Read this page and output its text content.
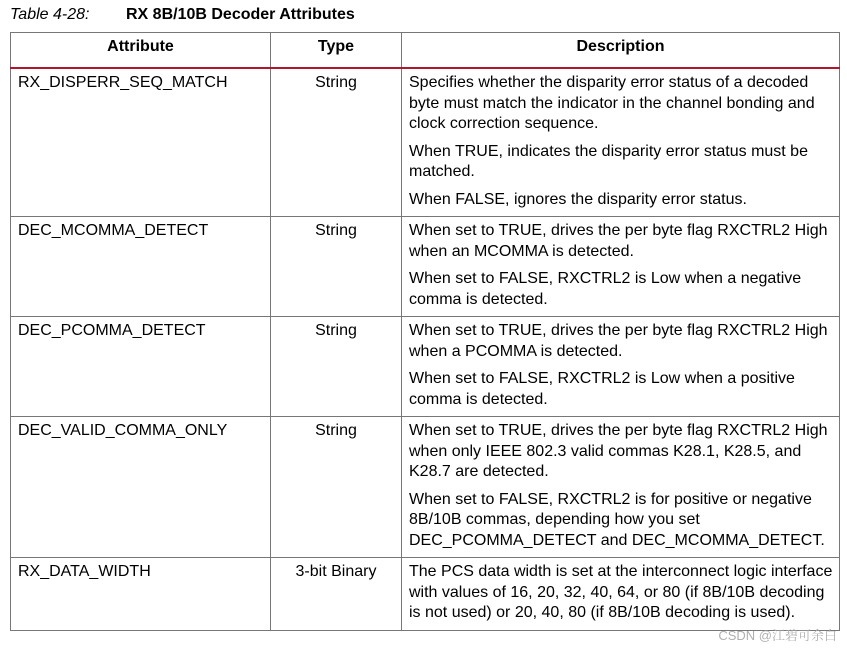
Table 4-28: RX 8B/10B Decoder Attributes
Attribute	Type	Description
RX_DISPERR_SEQ_MATCH	String	Specifies whether the disparity error status of a decoded byte must match the indicator in the channel bonding and clock correction sequence.
When TRUE, indicates the disparity error status must be matched.
When FALSE, ignores the disparity error status.

DEC_MCOMMA_DETECT	String	When set to TRUE, drives the per byte flag RXCTRL2 High when an MCOMMA is detected.
When set to FALSE, RXCTRL2 is Low when a negative comma is detected.

DEC_PCOMMA_DETECT	String	When set to TRUE, drives the per byte flag RXCTRL2 High when a PCOMMA is detected.
When set to FALSE, RXCTRL2 is Low when a positive comma is detected.

DEC_VALID_COMMA_ONLY	String	When set to TRUE, drives the per byte flag RXCTRL2 High when only IEEE 802.3 valid commas K28.1, K28.5, and K28.7 are detected.
When set to FALSE, RXCTRL2 is for positive or negative 8B/10B commas, depending how you set DEC_PCOMMA_DETECT and DEC_MCOMMA_DETECT.

RX_DATA_WIDTH	3-bit Binary	The PCS data width is set at the interconnect logic interface with values of 16, 20, 32, 40, 64, or 80 (if 8B/10B decoding is not used) or 20, 40, 80 (if 8B/10B decoding is used).
CSDN @江碧可余白
